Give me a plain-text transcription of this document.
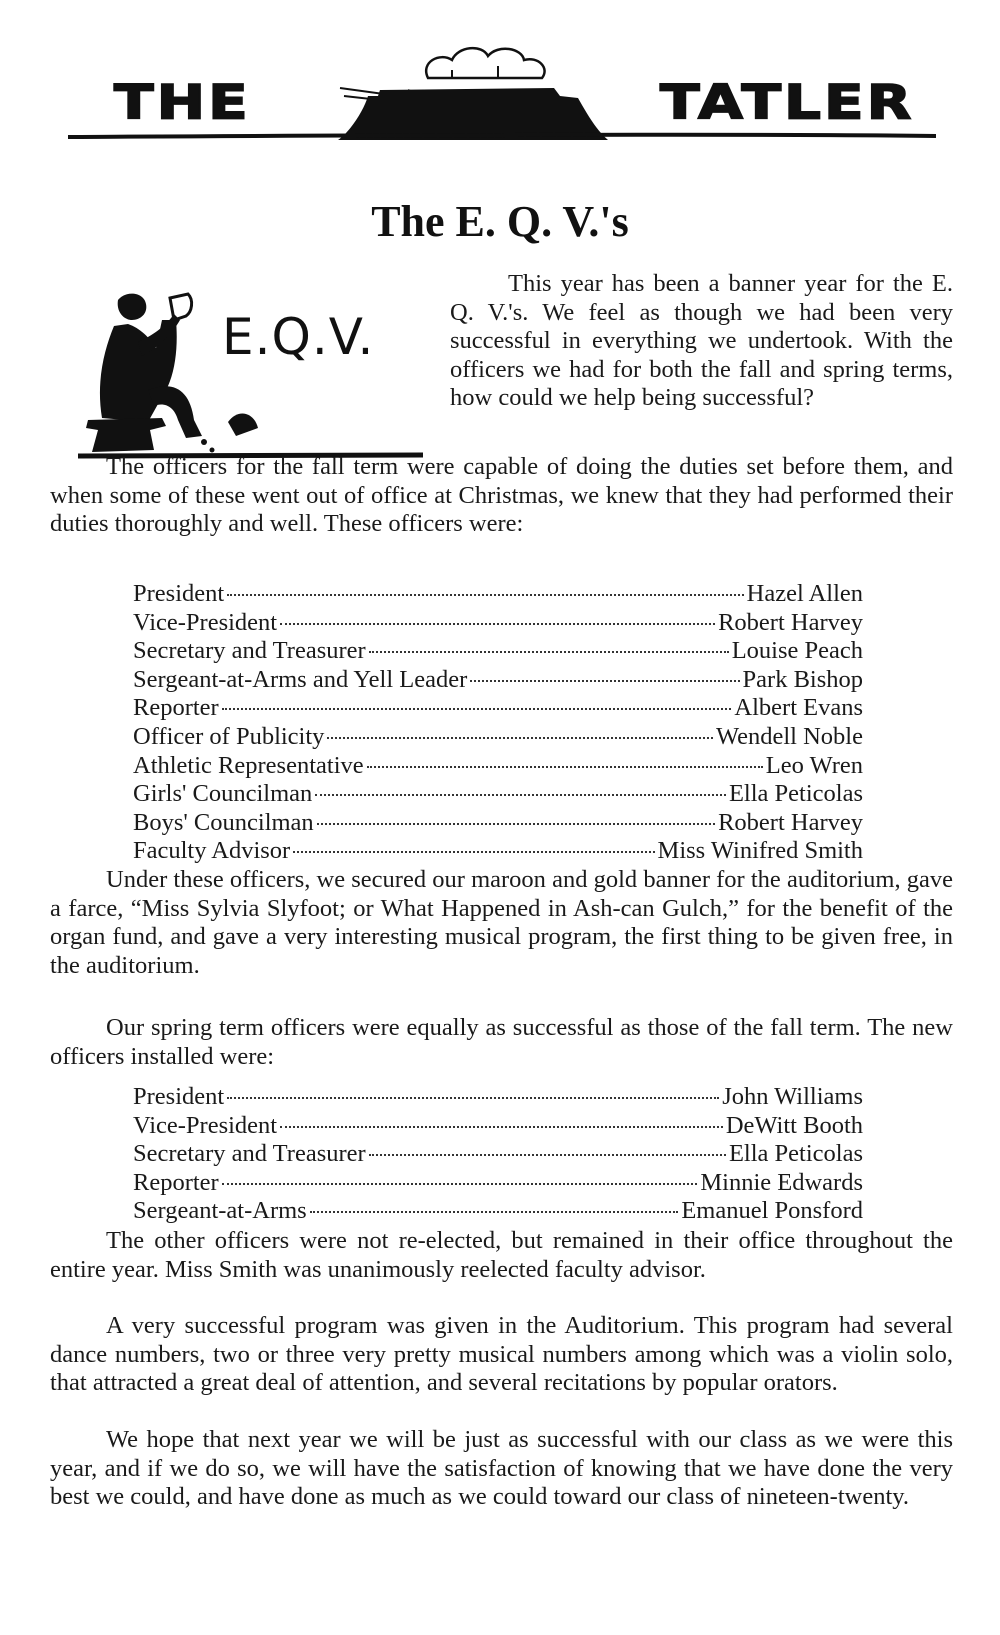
THE	TATLER
The E. Q. V.'s
E.Q.V.

This year has been a banner year for the E. Q. V.'s. We feel as though we had been very successful in everything we undertook. With the officers we had for both the fall and spring terms, how could we help being successful?

The officers for the fall term were capable of doing the duties set before them, and when some of these went out of office at Christmas, we knew that they had performed their duties thoroughly and well. These officers were:

President	Hazel Allen
Vice-President	Robert Harvey
Secretary and Treasurer	Louise Peach
Sergeant-at-Arms and Yell Leader	Park Bishop
Reporter	Albert Evans
Officer of Publicity	Wendell Noble
Athletic Representative	Leo Wren
Girls' Councilman	Ella Peticolas
Boys' Councilman	Robert Harvey
Faculty Advisor	Miss Winifred Smith

Under these officers, we secured our maroon and gold banner for the auditorium, gave a farce, “Miss Sylvia Slyfoot; or What Happened in Ash-can Gulch,” for the benefit of the organ fund, and gave a very interesting musical program, the first thing to be given free, in the auditorium.

Our spring term officers were equally as successful as those of the fall term. The new officers installed were:

President	John Williams
Vice-President	DeWitt Booth
Secretary and Treasurer	Ella Peticolas
Reporter	Minnie Edwards
Sergeant-at-Arms	Emanuel Ponsford

The other officers were not re-elected, but remained in their office throughout the entire year. Miss Smith was unanimously reelected faculty advisor.

A very successful program was given in the Auditorium. This program had several dance numbers, two or three very pretty musical numbers among which was a violin solo, that attracted a great deal of attention, and several recitations by popular orators.

We hope that next year we will be just as successful with our class as we were this year, and if we do so, we will have the satisfaction of knowing that we have done the very best we could, and have done as much as we could toward our class of nineteen-twenty.
